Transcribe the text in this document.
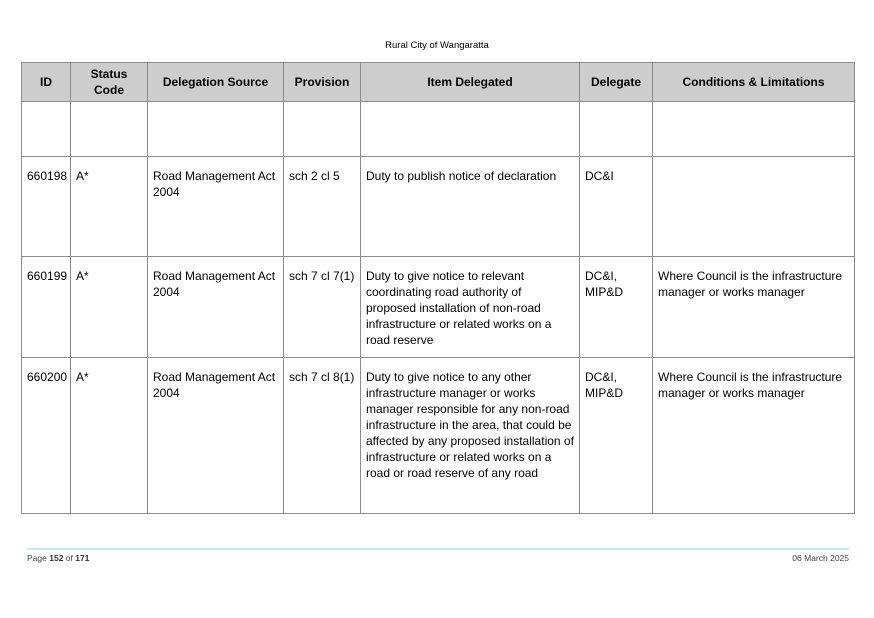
Rural City of Wangaratta
ID	Status Code	Delegation Source	Provision	Item Delegated	Delegate	Conditions & Limitations

660198	A*	Road Management Act 2004	sch 2 cl 5	Duty to publish notice of declaration	DC&I	
660199	A*	Road Management Act 2004	sch 7 cl 7(1)	Duty to give notice to relevant coordinating road authority of proposed installation of non-road infrastructure or related works on a road reserve	DC&I, MIP&D	Where Council is the infrastructure manager or works manager
660200	A*	Road Management Act 2004	sch 7 cl 8(1)	Duty to give notice to any other infrastructure manager or works manager responsible for any non-road infrastructure in the area, that could be affected by any proposed installation of infrastructure or related works on a road or road reserve of any road	DC&I, MIP&D	Where Council is the infrastructure manager or works manager
Page 152 of 171	06 March 2025
